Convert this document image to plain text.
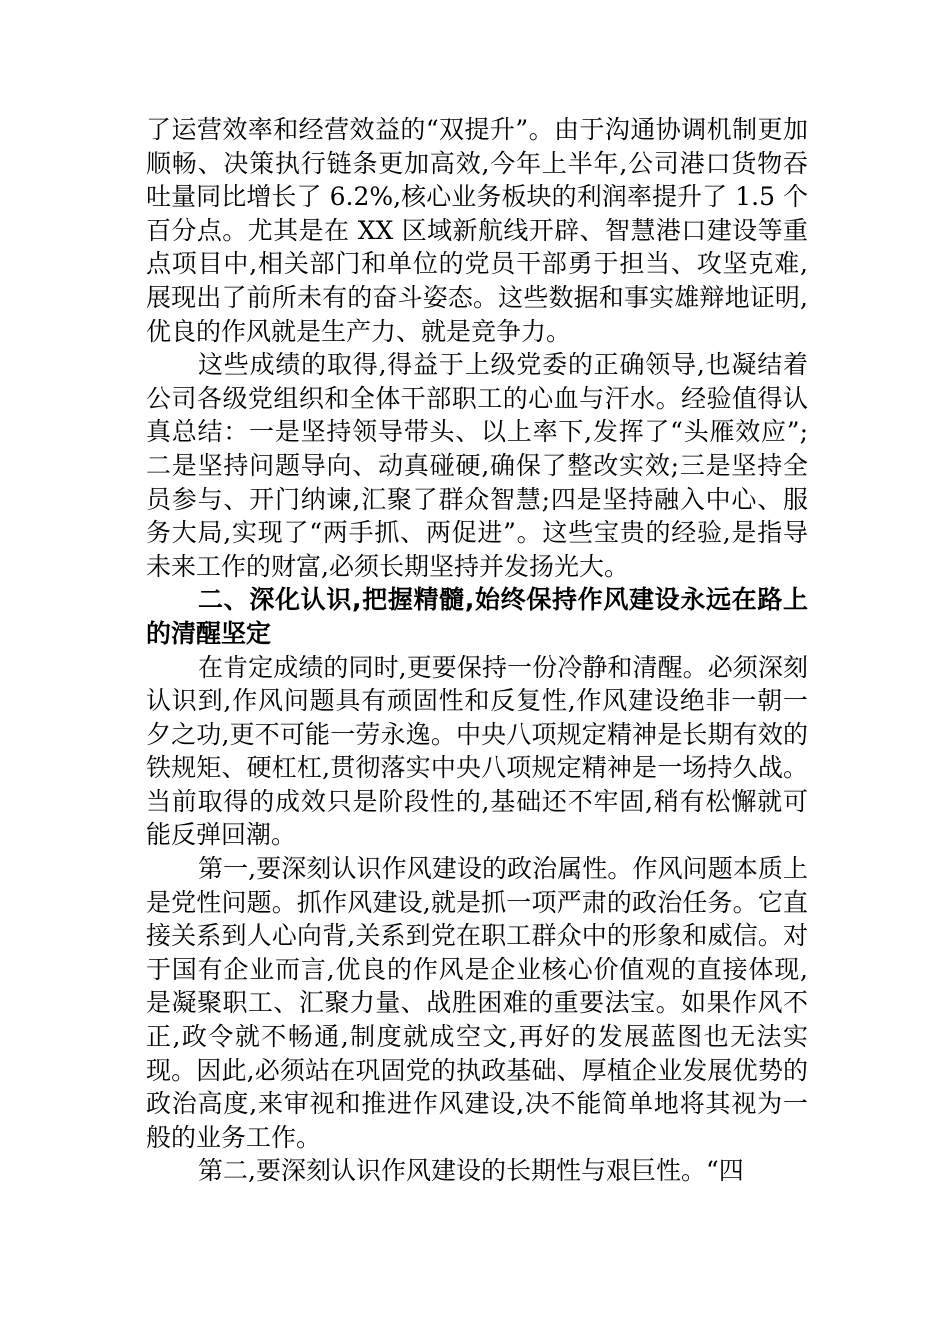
了运营效率和经营效益的“双提升”。由于沟通协调机制更加顺畅、决策执行链条更加高效,今年上半年,公司港口货物吞吐量同比增长了 6.2%,核心业务板块的利润率提升了 1.5 个百分点。尤其是在 XX 区域新航线开辟、智慧港口建设等重点项目中,相关部门和单位的党员干部勇于担当、攻坚克难,展现出了前所未有的奋斗姿态。这些数据和事实雄辩地证明,优良的作风就是生产力、就是竞争力。

这些成绩的取得,得益于上级党委的正确领导,也凝结着公司各级党组织和全体干部职工的心血与汗水。经验值得认真总结：一是坚持领导带头、以上率下,发挥了“头雁效应”;二是坚持问题导向、动真碰硬,确保了整改实效;三是坚持全员参与、开门纳谏,汇聚了群众智慧;四是坚持融入中心、服务大局,实现了“两手抓、两促进”。这些宝贵的经验,是指导未来工作的财富,必须长期坚持并发扬光大。

二、深化认识,把握精髓,始终保持作风建设永远在路上的清醒坚定

在肯定成绩的同时,更要保持一份冷静和清醒。必须深刻认识到,作风问题具有顽固性和反复性,作风建设绝非一朝一夕之功,更不可能一劳永逸。中央八项规定精神是长期有效的铁规矩、硬杠杠,贯彻落实中央八项规定精神是一场持久战。当前取得的成效只是阶段性的,基础还不牢固,稍有松懈就可能反弹回潮。

第一,要深刻认识作风建设的政治属性。作风问题本质上是党性问题。抓作风建设,就是抓一项严肃的政治任务。它直接关系到人心向背,关系到党在职工群众中的形象和威信。对于国有企业而言,优良的作风是企业核心价值观的直接体现,是凝聚职工、汇聚力量、战胜困难的重要法宝。如果作风不正,政令就不畅通,制度就成空文,再好的发展蓝图也无法实现。因此,必须站在巩固党的执政基础、厚植企业发展优势的政治高度,来审视和推进作风建设,决不能简单地将其视为一般的业务工作。

第二,要深刻认识作风建设的长期性与艰巨性。“四
